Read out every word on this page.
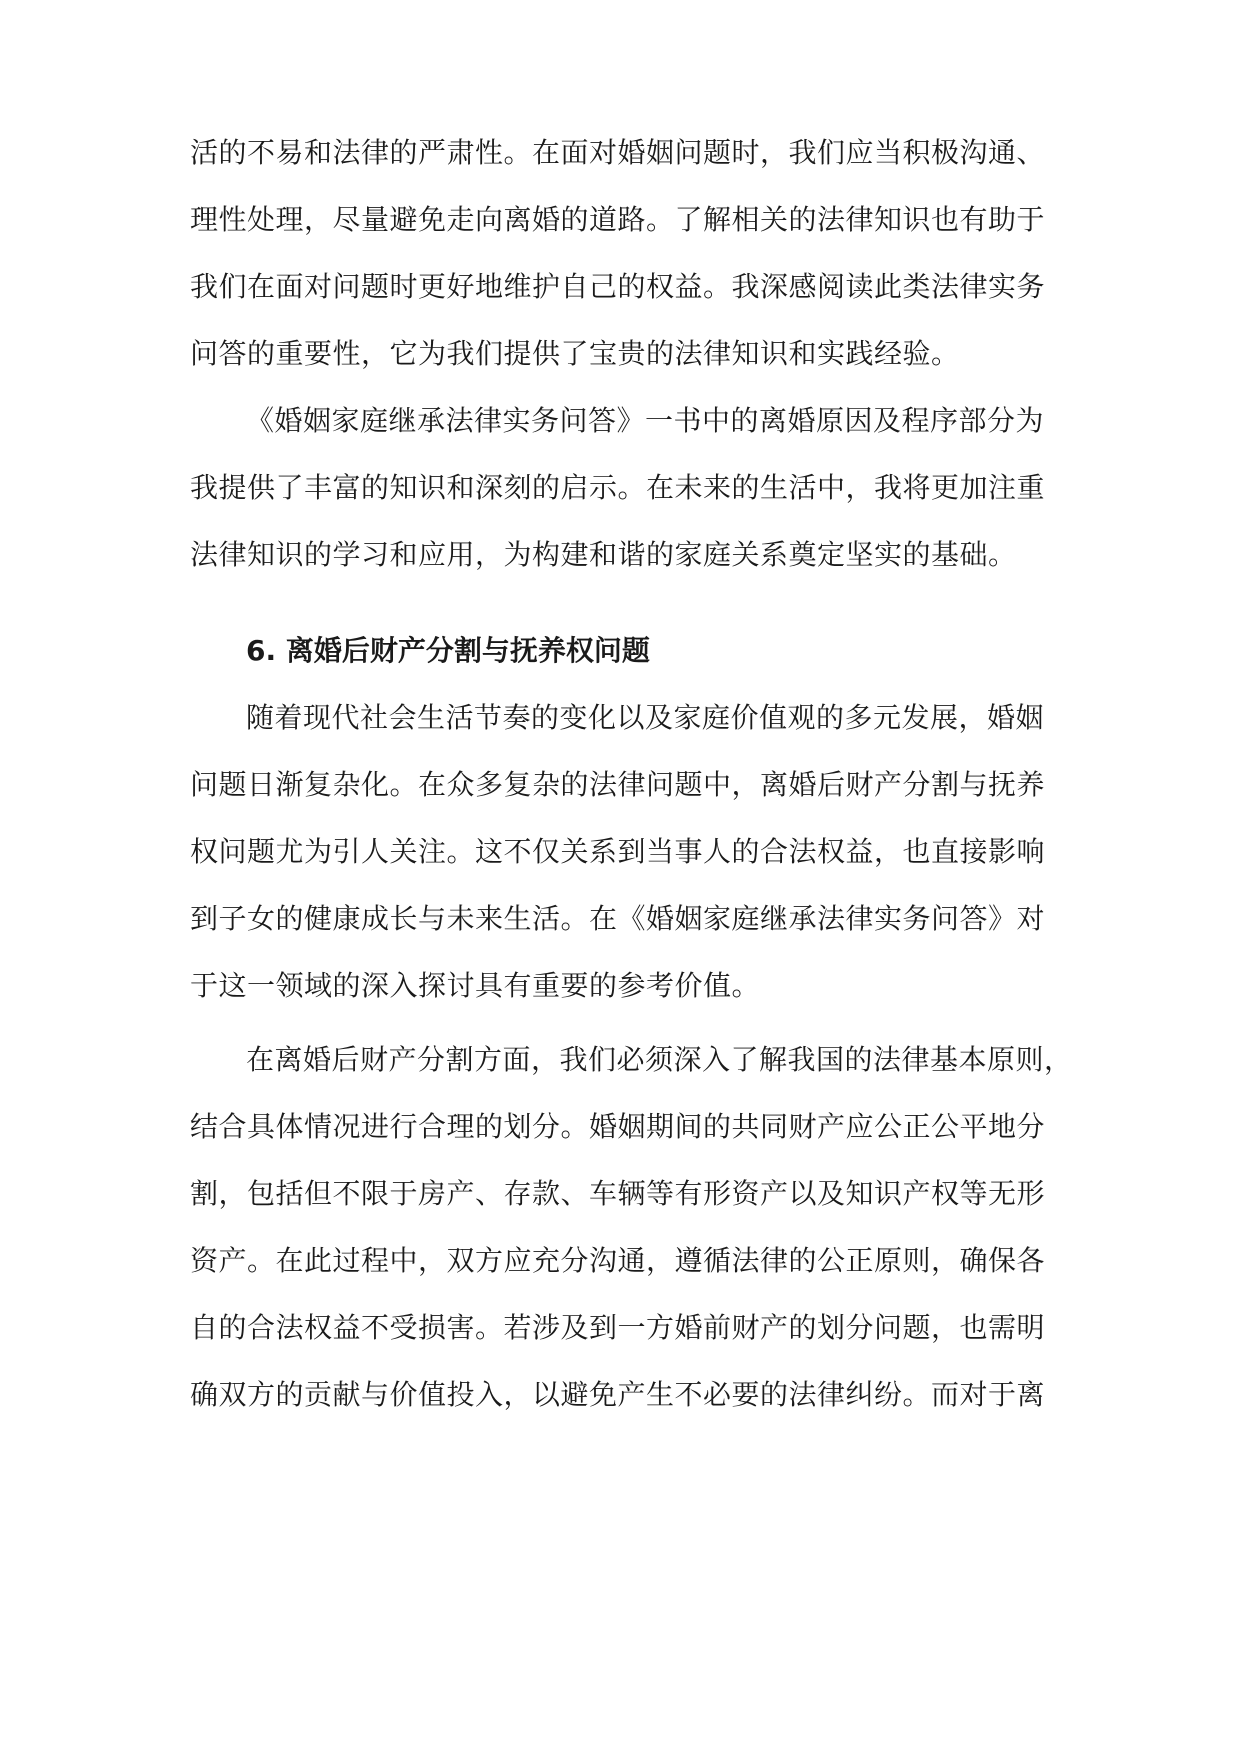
活的不易和法律的严肃性。在面对婚姻问题时，我们应当积极沟通、
理性处理，尽量避免走向离婚的道路。了解相关的法律知识也有助于
我们在面对问题时更好地维护自己的权益。我深感阅读此类法律实务
问答的重要性，它为我们提供了宝贵的法律知识和实践经验。
《婚姻家庭继承法律实务问答》一书中的离婚原因及程序部分为
我提供了丰富的知识和深刻的启示。在未来的生活中，我将更加注重
法律知识的学习和应用，为构建和谐的家庭关系奠定坚实的基础。
6. 离婚后财产分割与抚养权问题
随着现代社会生活节奏的变化以及家庭价值观的多元发展，婚姻
问题日渐复杂化。在众多复杂的法律问题中，离婚后财产分割与抚养
权问题尤为引人关注。这不仅关系到当事人的合法权益，也直接影响
到子女的健康成长与未来生活。在《婚姻家庭继承法律实务问答》对
于这一领域的深入探讨具有重要的参考价值。
在离婚后财产分割方面，我们必须深入了解我国的法律基本原则，
结合具体情况进行合理的划分。婚姻期间的共同财产应公正公平地分
割，包括但不限于房产、存款、车辆等有形资产以及知识产权等无形
资产。在此过程中，双方应充分沟通，遵循法律的公正原则，确保各
自的合法权益不受损害。若涉及到一方婚前财产的划分问题，也需明
确双方的贡献与价值投入，以避免产生不必要的法律纠纷。而对于离
